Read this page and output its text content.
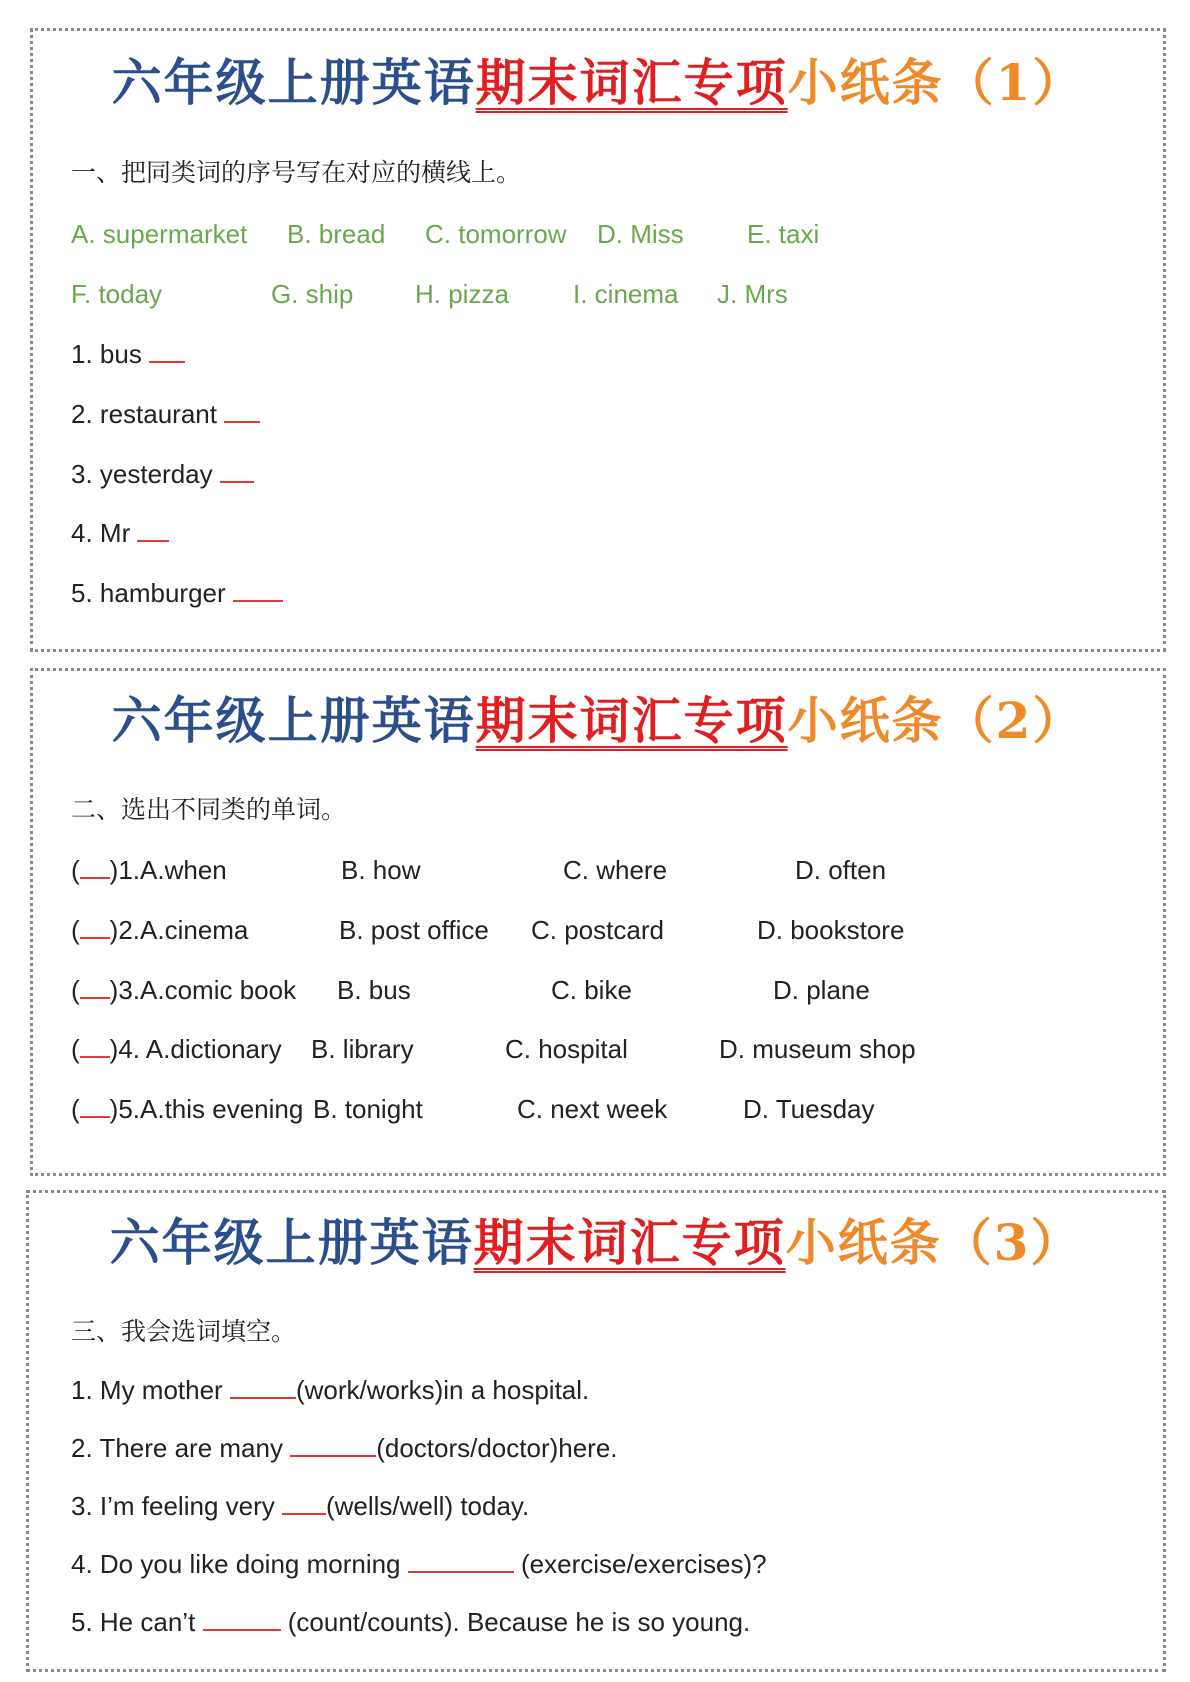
六年级上册英语期末词汇专项小纸条（1）
一、把同类词的序号写在对应的横线上。
A. supermarket B. bread C. tomorrow D. Miss E. taxi
F. today	G. ship H. pizza I. cinema J. Mrs
1. bus
2. restaurant
3. yesterday
4. Mr
5. hamburger
六年级上册英语期末词汇专项小纸条（2）
二、选出不同类的单词。
( )1.A.when	B. how	C. where	D. often
( )2.A.cinema	B. post office C. postcard	D. bookstore
( )3.A.comic book B. bus	C. bike	D. plane
( )4. A.dictionary B. library	C. hospital	D. museum shop
( )5.A.this evening B. tonight	C. next week	D. Tuesday
六年级上册英语期末词汇专项小纸条（3）
三、我会选词填空。
1. My mother	(work/works)in a hospital.
2. There are many	(doctors/doctor)here.
3. I’m feeling very (wells/well) today.
4. Do you like doing morning	(exercise/exercises)?
5. He can’t	(count/counts). Because he is so young.
